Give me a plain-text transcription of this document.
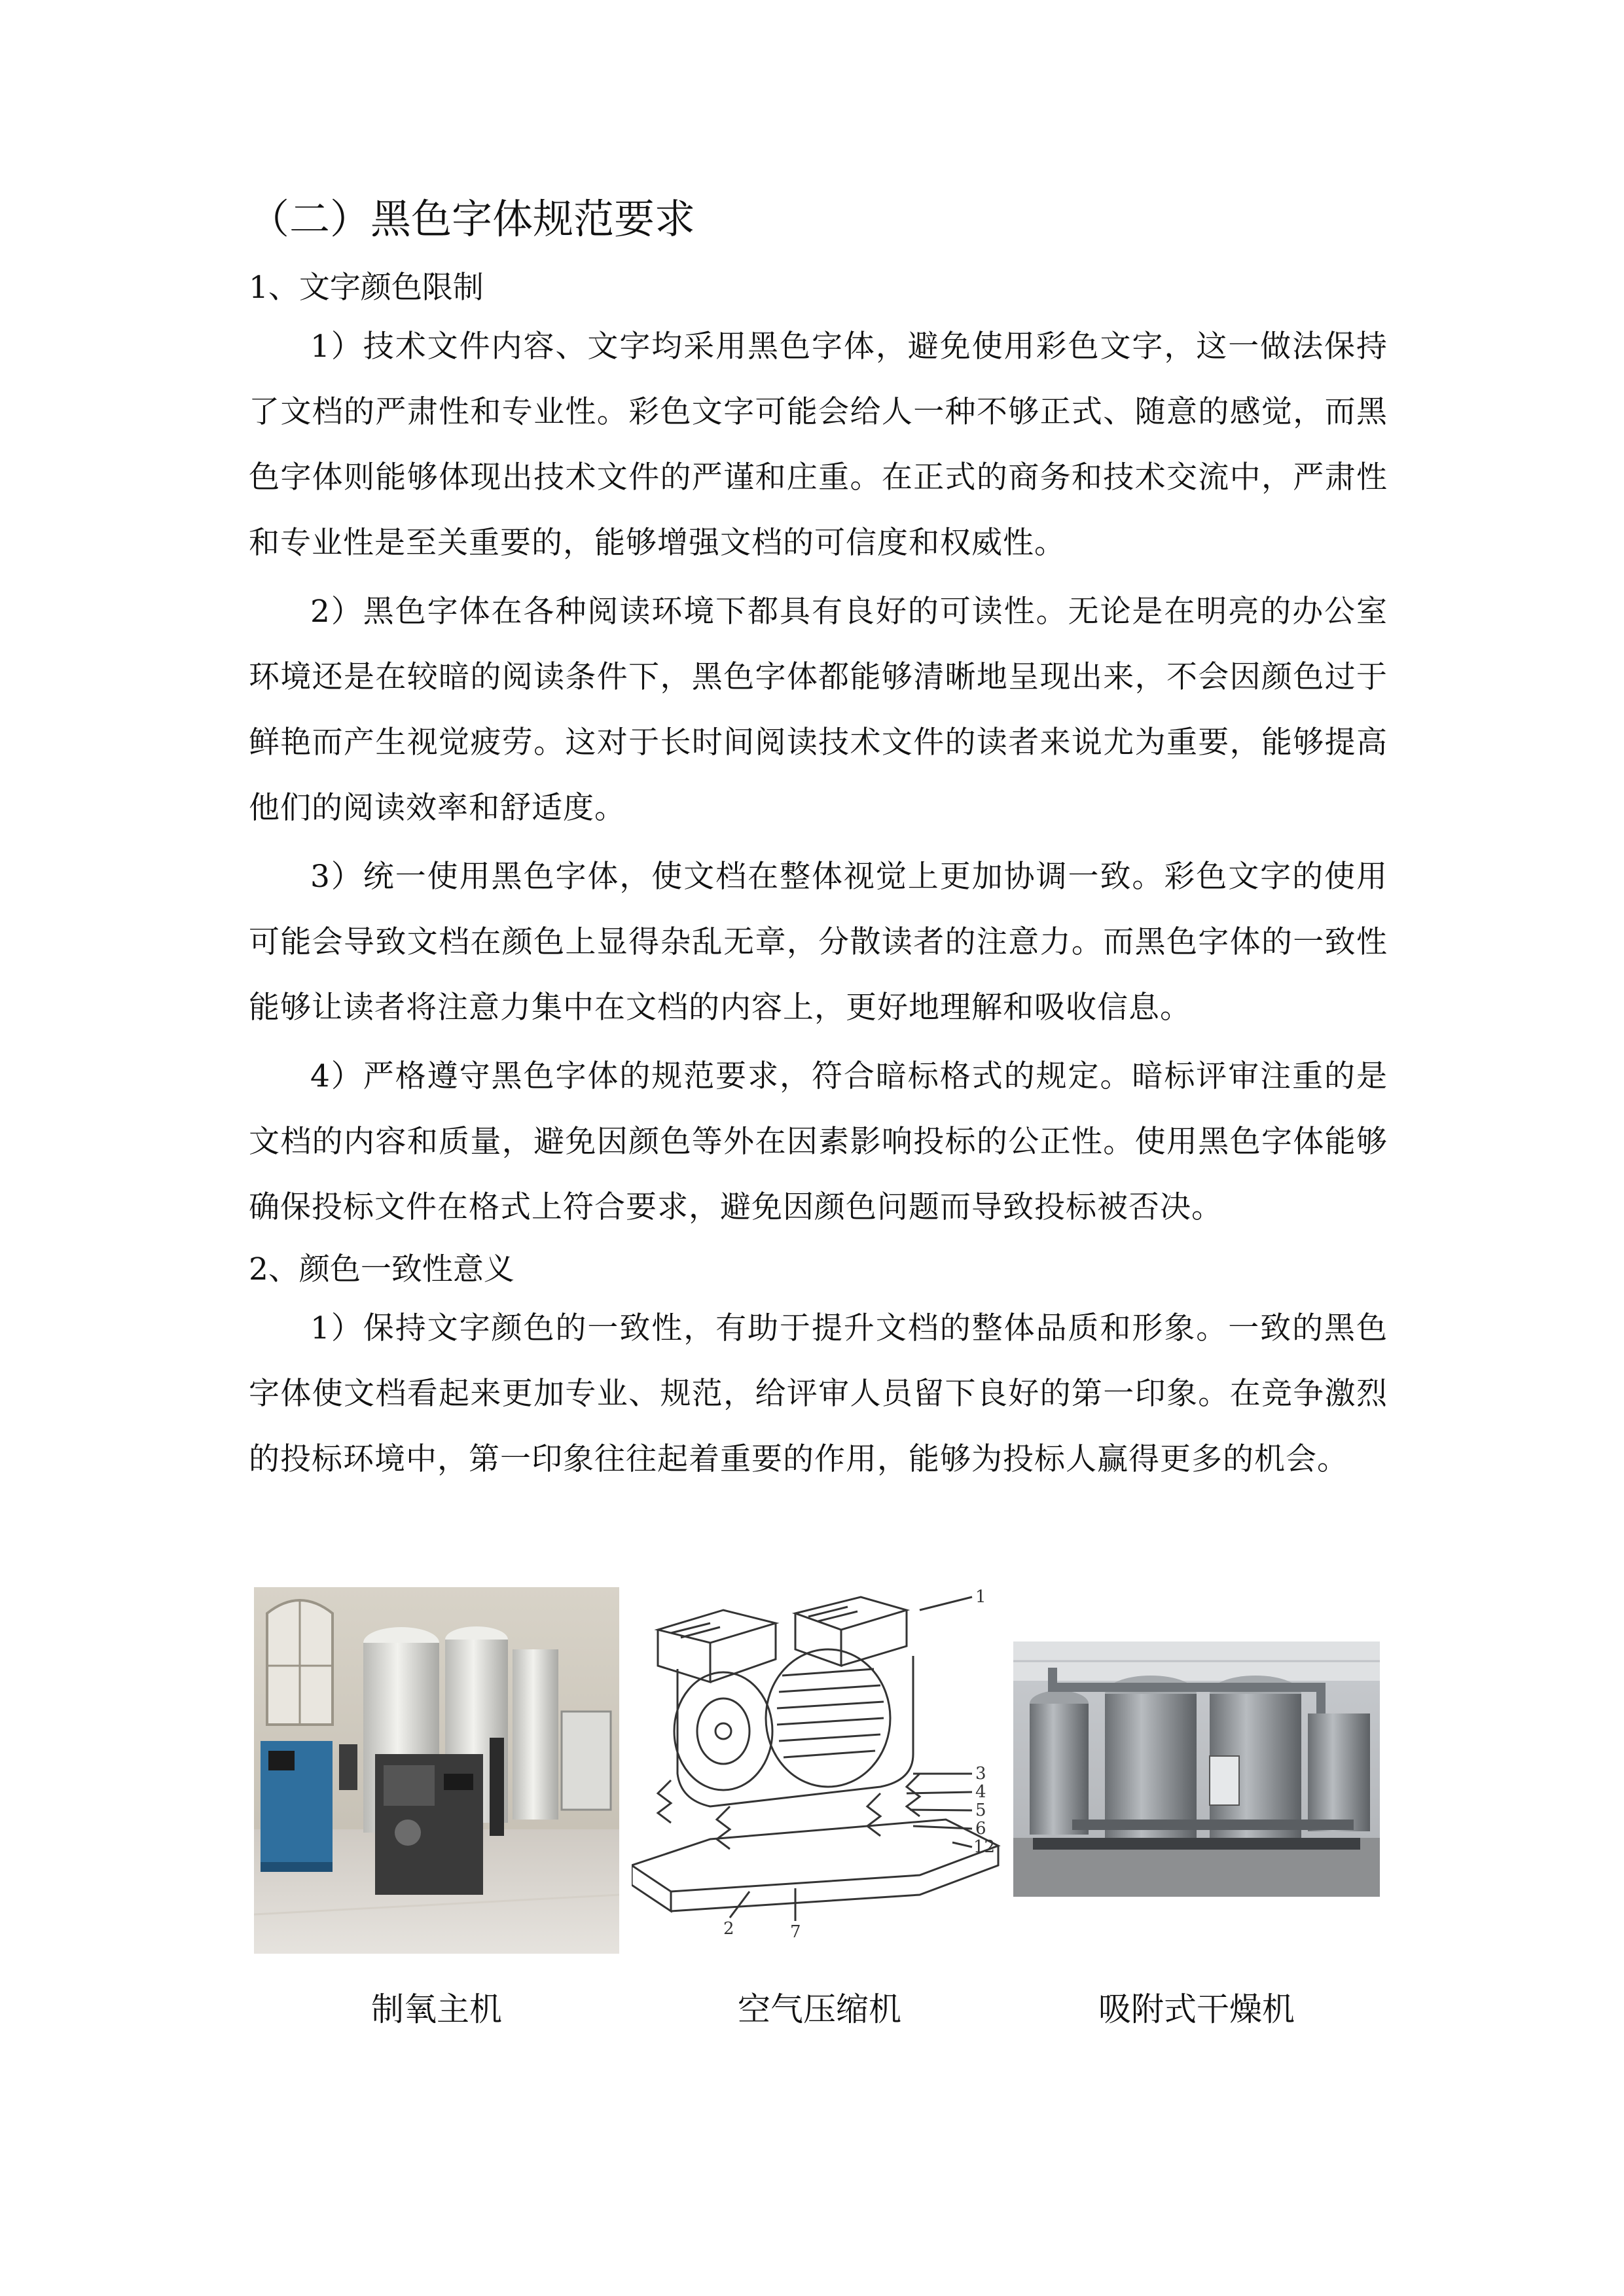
（二）黑色字体规范要求
1、文字颜色限制

1）技术文件内容、文字均采用黑色字体，避免使用彩色文字，这一做法保持了文档的严肃性和专业性。彩色文字可能会给人一种不够正式、随意的感觉，而黑色字体则能够体现出技术文件的严谨和庄重。在正式的商务和技术交流中，严肃性和专业性是至关重要的，能够增强文档的可信度和权威性。

2）黑色字体在各种阅读环境下都具有良好的可读性。无论是在明亮的办公室环境还是在较暗的阅读条件下，黑色字体都能够清晰地呈现出来，不会因颜色过于鲜艳而产生视觉疲劳。这对于长时间阅读技术文件的读者来说尤为重要，能够提高他们的阅读效率和舒适度。

3）统一使用黑色字体，使文档在整体视觉上更加协调一致。彩色文字的使用可能会导致文档在颜色上显得杂乱无章，分散读者的注意力。而黑色字体的一致性能够让读者将注意力集中在文档的内容上，更好地理解和吸收信息。

4）严格遵守黑色字体的规范要求，符合暗标格式的规定。暗标评审注重的是文档的内容和质量，避免因颜色等外在因素影响投标的公正性。使用黑色字体能够确保投标文件在格式上符合要求，避免因颜色问题而导致投标被否决。

2、颜色一致性意义

1）保持文字颜色的一致性，有助于提升文档的整体品质和形象。一致的黑色字体使文档看起来更加专业、规范，给评审人员留下良好的第一印象。在竞争激烈的投标环境中，第一印象往往起着重要的作用，能够为投标人赢得更多的机会。

1
3
4
5
6
12
2	7
制氧主机	空气压缩机	吸附式干燥机
